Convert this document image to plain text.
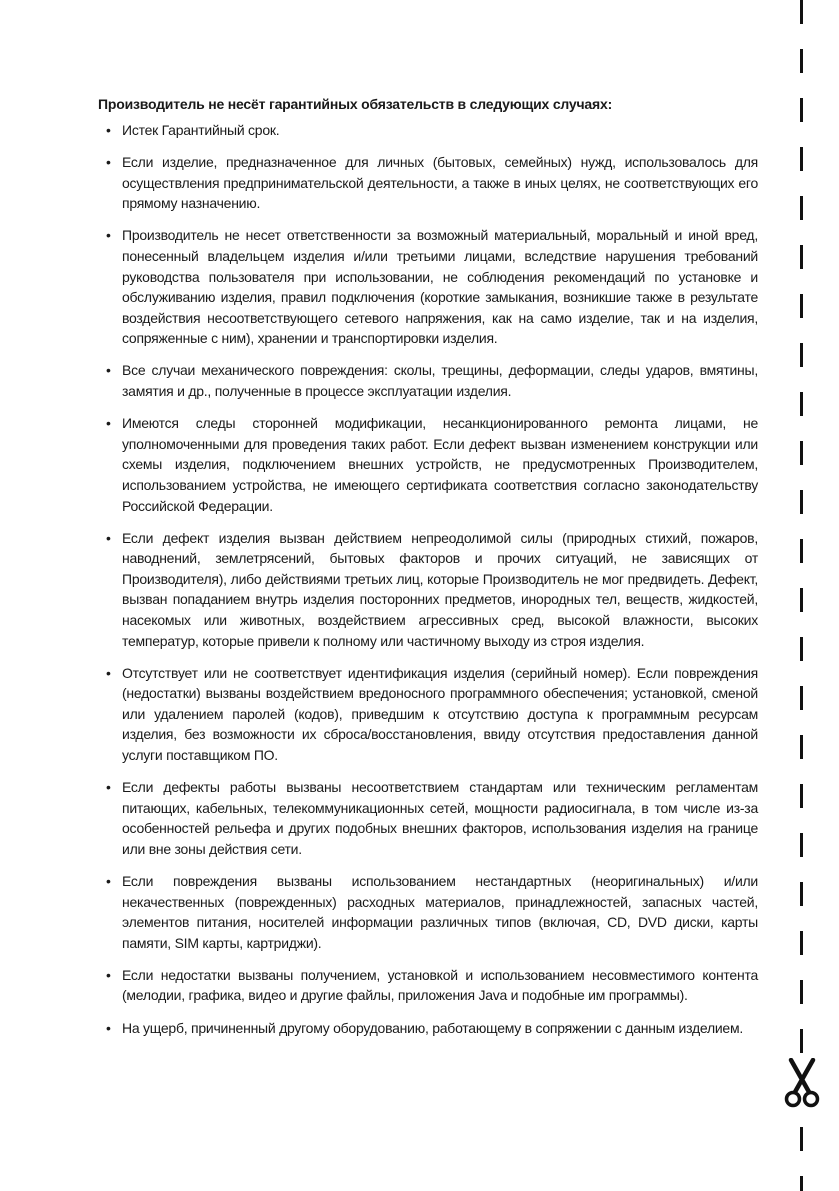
Производитель не несёт гарантийных обязательств в следующих случаях:
• Истек Гарантийный срок.
• Если изделие, предназначенное для личных (бытовых, семейных) нужд, использовалось для осуществления предпринимательской деятельности, а также в иных целях, не соответствующих его прямому назначению.
• Производитель не несет ответственности за возможный материальный, моральный и иной вред, понесенный владельцем изделия и/или третьими лицами, вследствие нарушения требований руководства пользователя при использовании, не соблюдения рекомендаций по установке и обслуживанию изделия, правил подключения (короткие замыкания, возникшие также в результате воздействия несоответствующего сетевого напряжения, как на само изделие, так и на изделия, сопряженные с ним), хранении и транспортировки изделия.
• Все случаи механического повреждения: сколы, трещины, деформации, следы ударов, вмятины, замятия и др., полученные в процессе эксплуатации изделия.
• Имеются следы сторонней модификации, несанкционированного ремонта лицами, не уполномоченными для проведения таких работ. Если дефект вызван изменением конструкции или схемы изделия, подключением внешних устройств, не предусмотренных Производителем, использованием устройства, не имеющего сертификата соответствия согласно законодательству Российской Федерации.
• Если дефект изделия вызван действием непреодолимой силы (природных стихий, пожаров, наводнений, землетрясений, бытовых факторов и прочих ситуаций, не зависящих от Производителя), либо действиями третьих лиц, которые Производитель не мог предвидеть. Дефект, вызван попаданием внутрь изделия посторонних предметов, инородных тел, веществ, жидкостей, насекомых или животных, воздействием агрессивных сред, высокой влажности, высоких температур, которые привели к полному или частичному выходу из строя изделия.
• Отсутствует или не соответствует идентификация изделия (серийный номер). Если повреждения (недостатки) вызваны воздействием вредоносного программного обеспечения; установкой, сменой или удалением паролей (кодов), приведшим к отсутствию доступа к программным ресурсам изделия, без возможности их сброса/восстановления, ввиду отсутствия предоставления данной услуги поставщиком ПО.
• Если дефекты работы вызваны несоответствием стандартам или техническим регламентам питающих, кабельных, телекоммуникационных сетей, мощности радиосигнала, в том числе из-за особенностей рельефа и других подобных внешних факторов, использования изделия на границе или вне зоны действия сети.
• Если повреждения вызваны использованием нестандартных (неоригинальных) и/или некачественных (поврежденных) расходных материалов, принадлежностей, запасных частей, элементов питания, носителей информации различных типов (включая, CD, DVD диски, карты памяти, SIM карты, картриджи).
• Если недостатки вызваны получением, установкой и использованием несовместимого контента (мелодии, графика, видео и другие файлы, приложения Java и подобные им программы).
• На ущерб, причиненный другому оборудованию, работающему в сопряжении с данным изделием.
